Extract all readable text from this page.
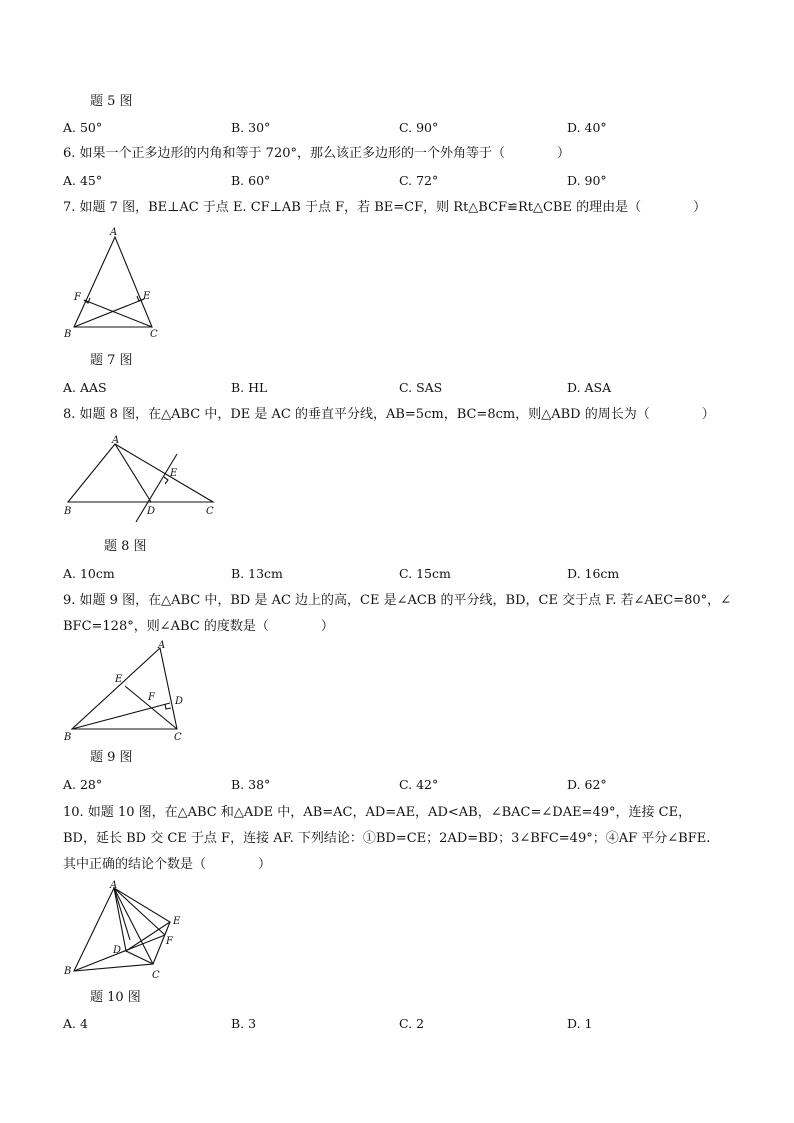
题 5 图
A. 50°	B. 30°	C. 90°	D. 40°
6. 如果一个正多边形的内角和等于 720°，那么该正多边形的一个外角等于（　　　　）
A. 45°	B. 60°	C. 72°	D. 90°
7. 如题 7 图，BE⊥AC 于点 E. CF⊥AB 于点 F，若 BE=CF，则 Rt△BCF≌Rt△CBE 的理由是（　　　　）
A
B	C
E
F
题 7 图
A. AAS	B. HL	C. SAS	D. ASA
8. 如题 8 图，在△ABC 中，DE 是 AC 的垂直平分线，AB=5cm，BC=8cm，则△ABD 的周长为（　　　　）
A
B	C
D
E
题 8 图
A. 10cm	B. 13cm	C. 15cm	D. 16cm
9. 如题 9 图，在△ABC 中，BD 是 AC 边上的高，CE 是∠ACB 的平分线，BD，CE 交于点 F. 若∠AEC=80°，∠
BFC=128°，则∠ABC 的度数是（　　　　）
A
B	C
D
E
F
题 9 图
A. 28°	B. 38°	C. 42°	D. 62°
10. 如题 10 图，在△ABC 和△ADE 中，AB=AC，AD=AE，AD<AB，∠BAC=∠DAE=49°，连接 CE，
BD，延长 BD 交 CE 于点 F，连接 AF. 下列结论：①BD=CE；2AD=BD；3∠BFC=49°；④AF 平分∠BFE.
其中正确的结论个数是（　　　　）
A
B	C
D
E
F
题 10 图
A. 4	B. 3	C. 2	D. 1
